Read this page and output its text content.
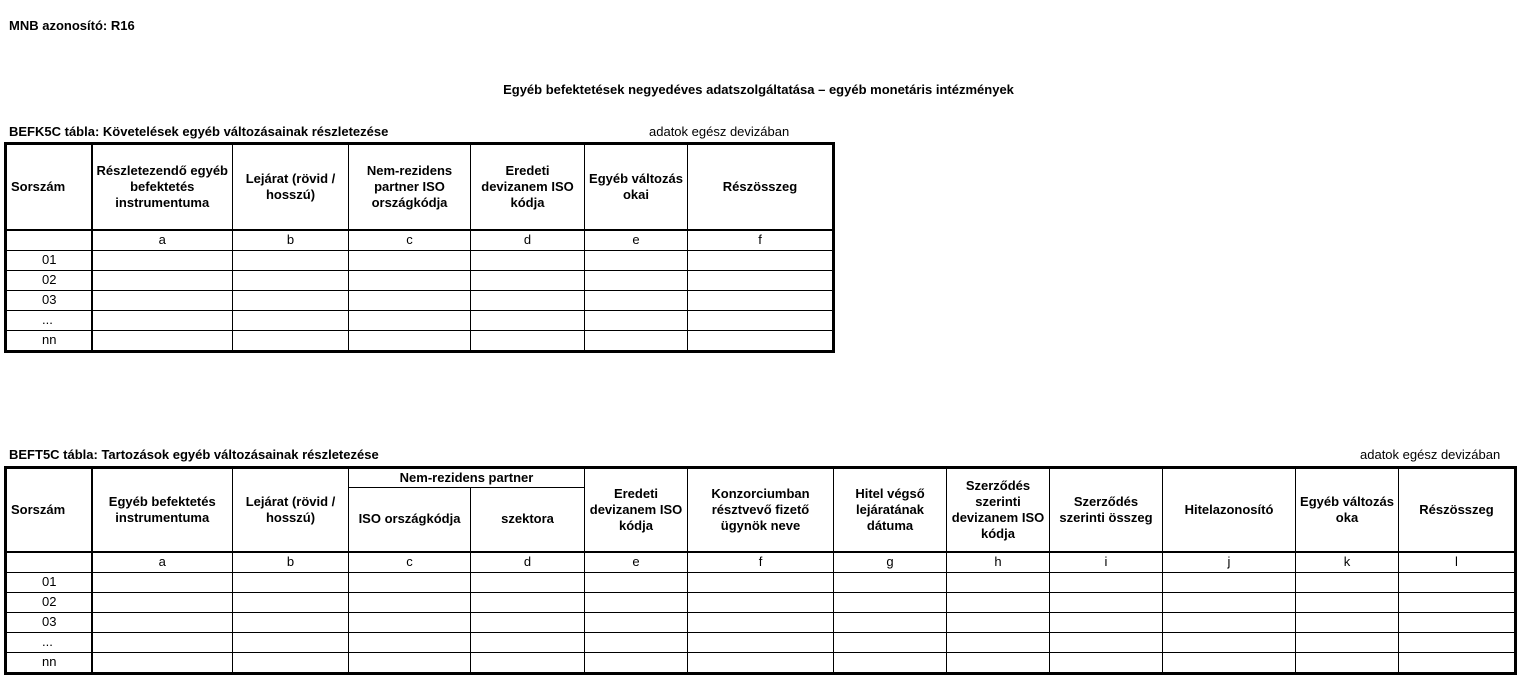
MNB azonosító: R16
Egyéb befektetések negyedéves adatszolgáltatása – egyéb monetáris intézmények
BEFK5C tábla: Követelések egyéb változásainak részletezése	adatok egész devizában
Sorszám	Részletezendő egyéb befektetés instrumentuma	Lejárat (rövid / hosszú)	Nem-rezidens partner ISO országkódja	Eredeti devizanem ISO kódja	Egyéb változás okai	Részösszeg
	a	b	c	d	e	f
01						
02						
03						
...						
nn						
BEFT5C tábla: Tartozások egyéb változásainak részletezése	adatok egész devizában
Sorszám	Egyéb befektetés instrumentuma	Lejárat (rövid / hosszú)	Nem-rezidens partner		Eredeti devizanem ISO kódja	Konzorciumban résztvevő fizető ügynök neve	Hitel végső lejáratának dátuma	Szerződés szerinti devizanem ISO kódja	Szerződés szerinti összeg	Hitelazonosító	Egyéb változás oka	Részösszeg
			ISO országkódja	szektora								
	a	b	c	d	e	f	g	h	i	j	k	l
01												
02												
03												
...												
nn												
